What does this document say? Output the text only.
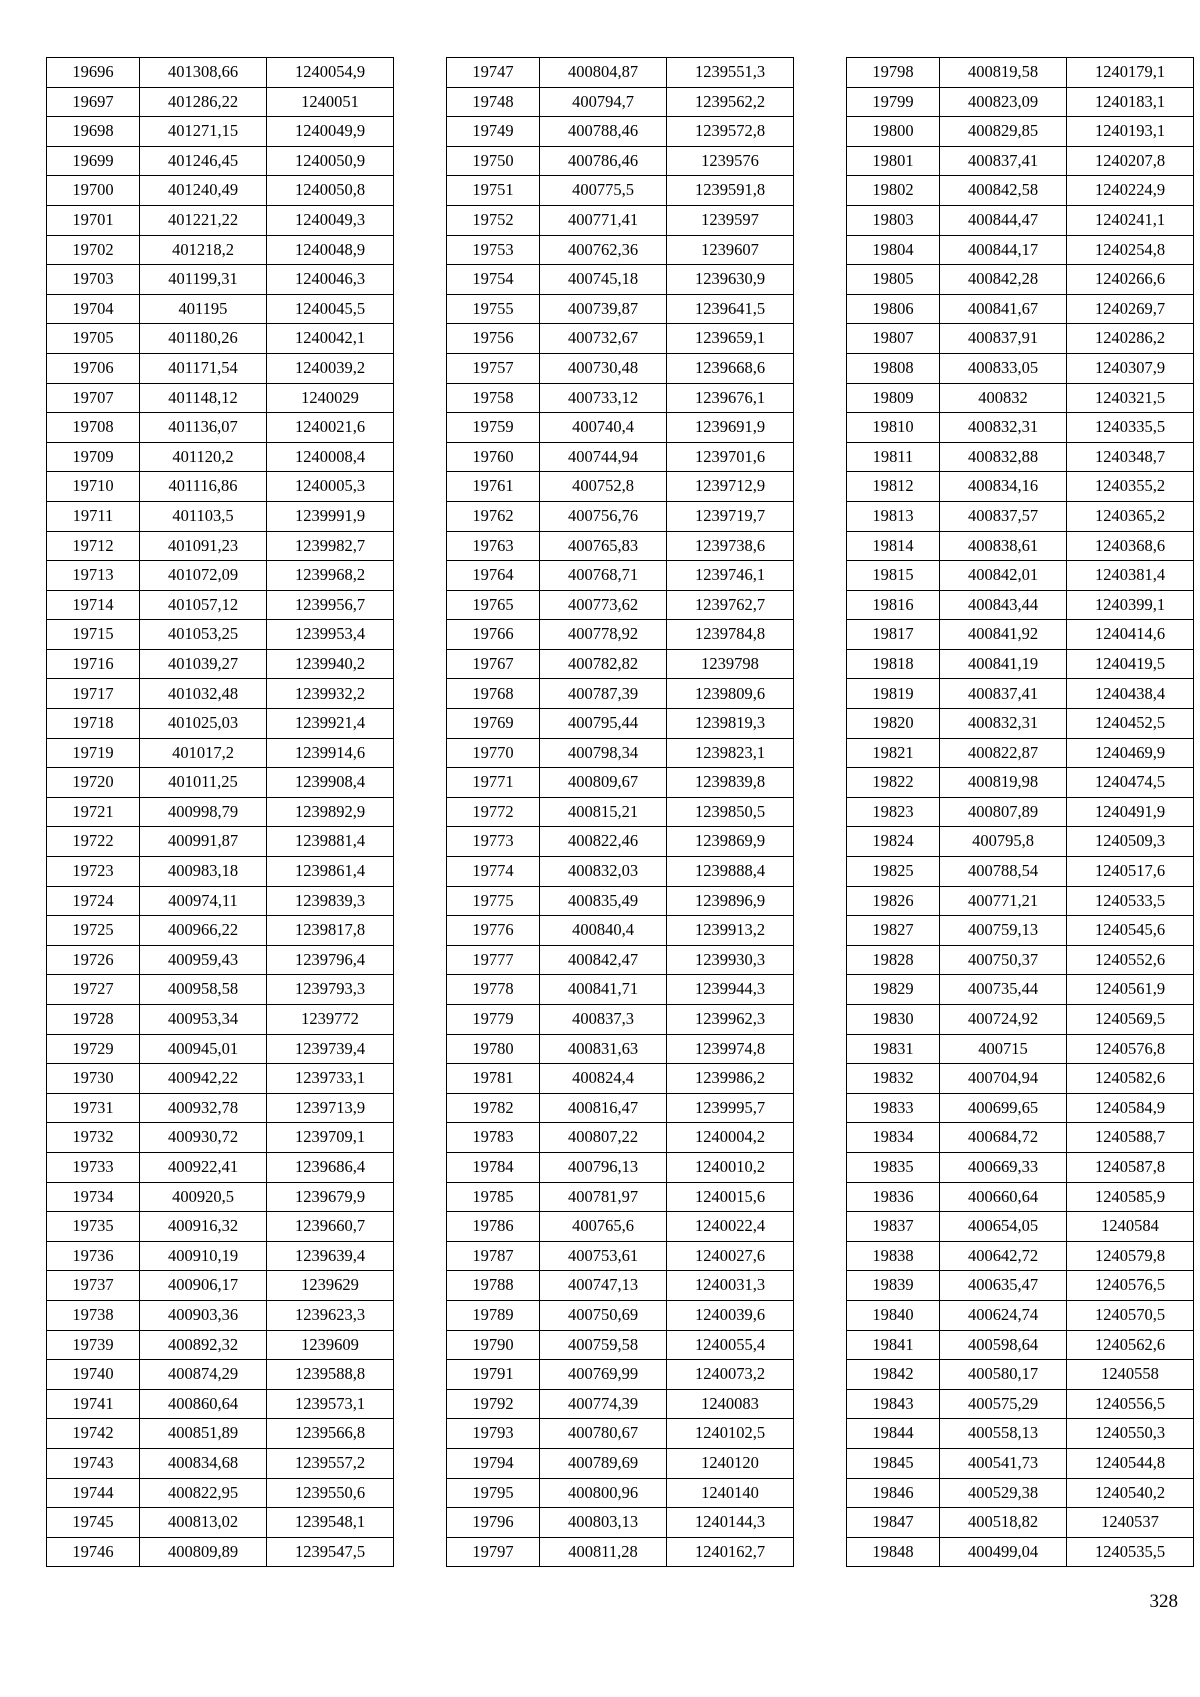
19696	401308,66	1240054,9
19697	401286,22	1240051
19698	401271,15	1240049,9
19699	401246,45	1240050,9
19700	401240,49	1240050,8
19701	401221,22	1240049,3
19702	401218,2	1240048,9
19703	401199,31	1240046,3
19704	401195	1240045,5
19705	401180,26	1240042,1
19706	401171,54	1240039,2
19707	401148,12	1240029
19708	401136,07	1240021,6
19709	401120,2	1240008,4
19710	401116,86	1240005,3
19711	401103,5	1239991,9
19712	401091,23	1239982,7
19713	401072,09	1239968,2
19714	401057,12	1239956,7
19715	401053,25	1239953,4
19716	401039,27	1239940,2
19717	401032,48	1239932,2
19718	401025,03	1239921,4
19719	401017,2	1239914,6
19720	401011,25	1239908,4
19721	400998,79	1239892,9
19722	400991,87	1239881,4
19723	400983,18	1239861,4
19724	400974,11	1239839,3
19725	400966,22	1239817,8
19726	400959,43	1239796,4
19727	400958,58	1239793,3
19728	400953,34	1239772
19729	400945,01	1239739,4
19730	400942,22	1239733,1
19731	400932,78	1239713,9
19732	400930,72	1239709,1
19733	400922,41	1239686,4
19734	400920,5	1239679,9
19735	400916,32	1239660,7
19736	400910,19	1239639,4
19737	400906,17	1239629
19738	400903,36	1239623,3
19739	400892,32	1239609
19740	400874,29	1239588,8
19741	400860,64	1239573,1
19742	400851,89	1239566,8
19743	400834,68	1239557,2
19744	400822,95	1239550,6
19745	400813,02	1239548,1
19746	400809,89	1239547,5
19747	400804,87	1239551,3
19748	400794,7	1239562,2
19749	400788,46	1239572,8
19750	400786,46	1239576
19751	400775,5	1239591,8
19752	400771,41	1239597
19753	400762,36	1239607
19754	400745,18	1239630,9
19755	400739,87	1239641,5
19756	400732,67	1239659,1
19757	400730,48	1239668,6
19758	400733,12	1239676,1
19759	400740,4	1239691,9
19760	400744,94	1239701,6
19761	400752,8	1239712,9
19762	400756,76	1239719,7
19763	400765,83	1239738,6
19764	400768,71	1239746,1
19765	400773,62	1239762,7
19766	400778,92	1239784,8
19767	400782,82	1239798
19768	400787,39	1239809,6
19769	400795,44	1239819,3
19770	400798,34	1239823,1
19771	400809,67	1239839,8
19772	400815,21	1239850,5
19773	400822,46	1239869,9
19774	400832,03	1239888,4
19775	400835,49	1239896,9
19776	400840,4	1239913,2
19777	400842,47	1239930,3
19778	400841,71	1239944,3
19779	400837,3	1239962,3
19780	400831,63	1239974,8
19781	400824,4	1239986,2
19782	400816,47	1239995,7
19783	400807,22	1240004,2
19784	400796,13	1240010,2
19785	400781,97	1240015,6
19786	400765,6	1240022,4
19787	400753,61	1240027,6
19788	400747,13	1240031,3
19789	400750,69	1240039,6
19790	400759,58	1240055,4
19791	400769,99	1240073,2
19792	400774,39	1240083
19793	400780,67	1240102,5
19794	400789,69	1240120
19795	400800,96	1240140
19796	400803,13	1240144,3
19797	400811,28	1240162,7
19798	400819,58	1240179,1
19799	400823,09	1240183,1
19800	400829,85	1240193,1
19801	400837,41	1240207,8
19802	400842,58	1240224,9
19803	400844,47	1240241,1
19804	400844,17	1240254,8
19805	400842,28	1240266,6
19806	400841,67	1240269,7
19807	400837,91	1240286,2
19808	400833,05	1240307,9
19809	400832	1240321,5
19810	400832,31	1240335,5
19811	400832,88	1240348,7
19812	400834,16	1240355,2
19813	400837,57	1240365,2
19814	400838,61	1240368,6
19815	400842,01	1240381,4
19816	400843,44	1240399,1
19817	400841,92	1240414,6
19818	400841,19	1240419,5
19819	400837,41	1240438,4
19820	400832,31	1240452,5
19821	400822,87	1240469,9
19822	400819,98	1240474,5
19823	400807,89	1240491,9
19824	400795,8	1240509,3
19825	400788,54	1240517,6
19826	400771,21	1240533,5
19827	400759,13	1240545,6
19828	400750,37	1240552,6
19829	400735,44	1240561,9
19830	400724,92	1240569,5
19831	400715	1240576,8
19832	400704,94	1240582,6
19833	400699,65	1240584,9
19834	400684,72	1240588,7
19835	400669,33	1240587,8
19836	400660,64	1240585,9
19837	400654,05	1240584
19838	400642,72	1240579,8
19839	400635,47	1240576,5
19840	400624,74	1240570,5
19841	400598,64	1240562,6
19842	400580,17	1240558
19843	400575,29	1240556,5
19844	400558,13	1240550,3
19845	400541,73	1240544,8
19846	400529,38	1240540,2
19847	400518,82	1240537
19848	400499,04	1240535,5
328
